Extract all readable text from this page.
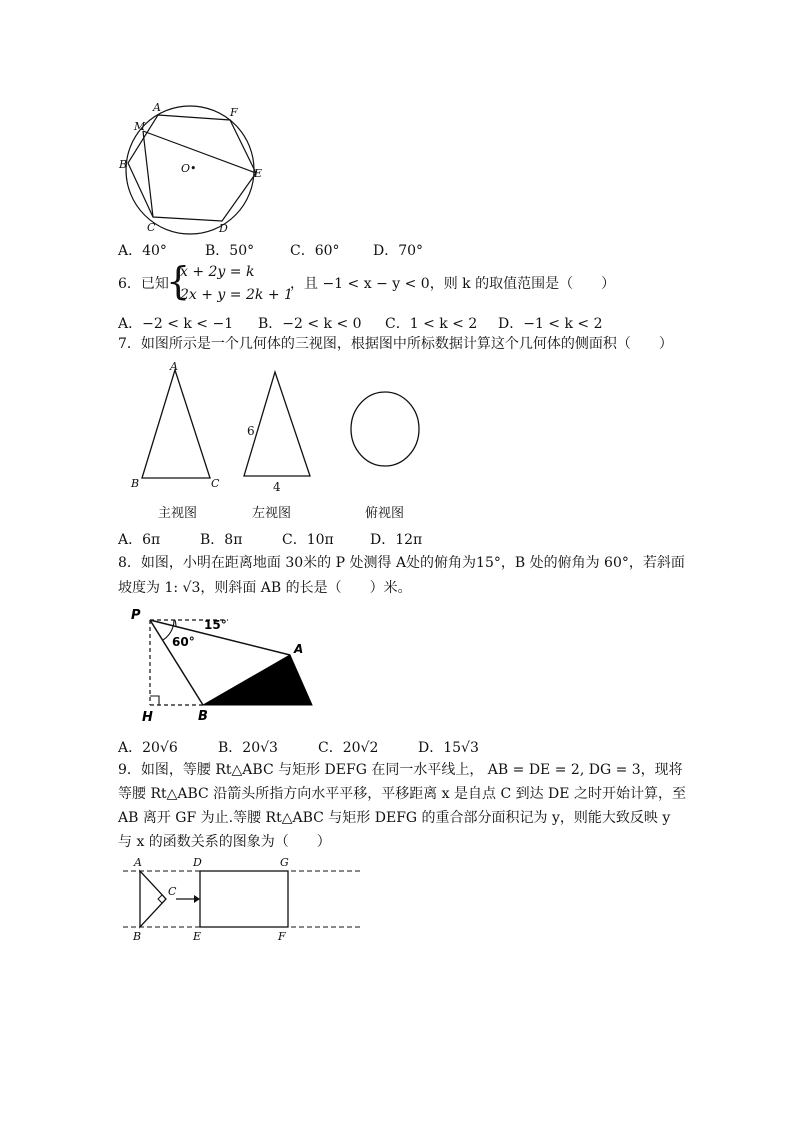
A	F
M
B	O•	E
C	D
A．40°	B．50°	C．60° D．70°
6．已知
{
x + 2y = k
2x + y = 2k + 1
，且 −1 < x − y < 0，则 k 的取值范围是（　　）
A．−2 < k < −1 B．−2 < k < 0 C．1 < k < 2 D．−1 < k < 2
7．如图所示是一个几何体的三视图，根据图中所标数据计算这个几何体的侧面积（　　）
A
B	C
6
4
主视图	左视图	俯视图
A．6π	B．8π	C．10π	D．12π
8．如图，小明在距离地面 30米的 P 处测得 A处的俯角为15°，B 处的俯角为 60°，若斜面
坡度为 1: √3，则斜面 AB 的长是（　　）米。
P
15°
60°	A
H	B
A．20√6	B．20√3	C．20√2	D．15√3
9．如图，等腰 Rt△ABC 与矩形 DEFG 在同一水平线上， AB = DE = 2, DG = 3，现将
等腰 Rt△ABC 沿箭头所指方向水平平移，平移距离 x 是自点 C 到达 DE 之时开始计算，至
AB 离开 GF 为止.等腰 Rt△ABC 与矩形 DEFG 的重合部分面积记为 y，则能大致反映 y
与 x 的函数关系的图象为（　　）
A
B
C
D
E	F
G
